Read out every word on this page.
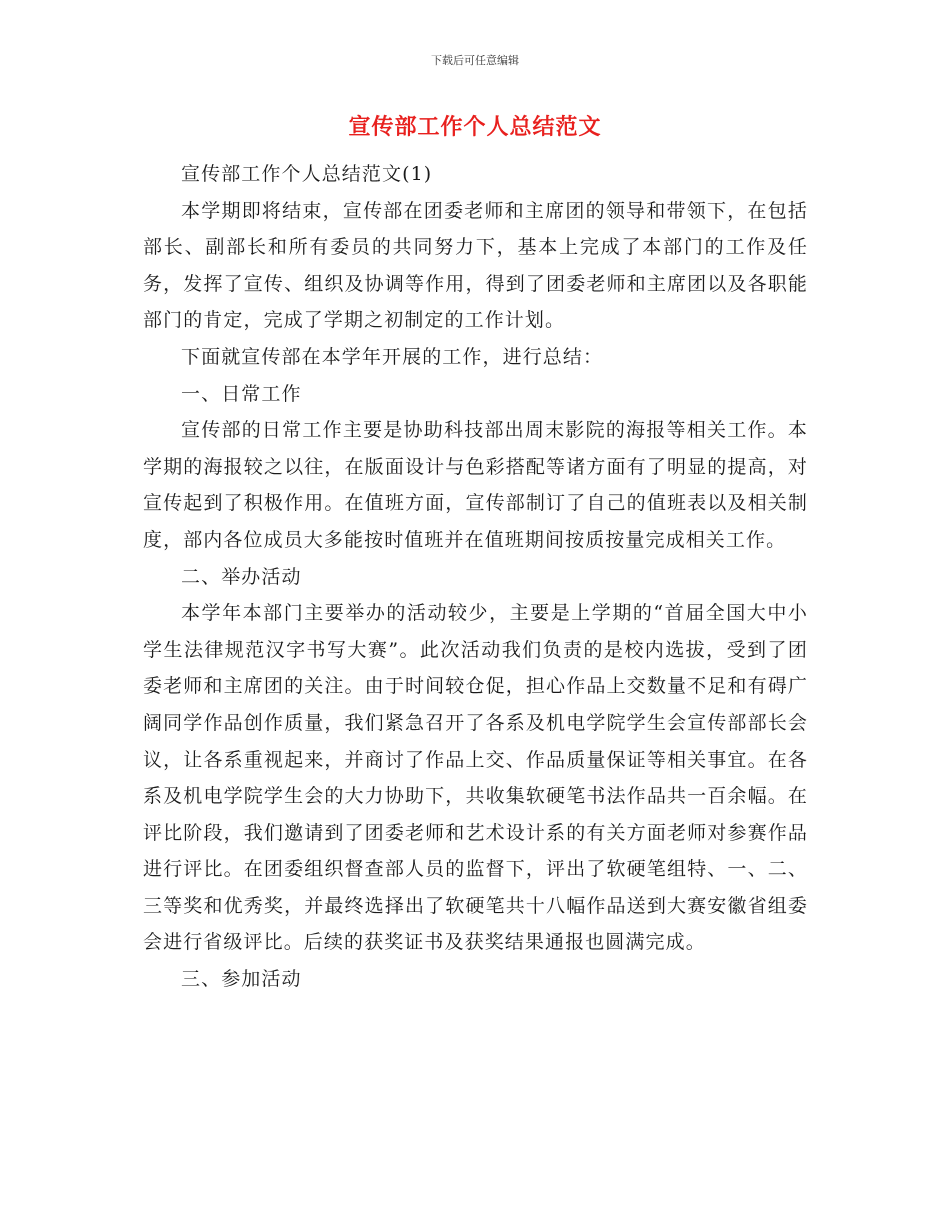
下载后可任意编辑
宣传部工作个人总结范文

宣传部工作个人总结范文(1)

本学期即将结束，宣传部在团委老师和主席团的领导和带领下，在包括部长、副部长和所有委员的共同努力下，基本上完成了本部门的工作及任务，发挥了宣传、组织及协调等作用，得到了团委老师和主席团以及各职能部门的肯定，完成了学期之初制定的工作计划。

下面就宣传部在本学年开展的工作，进行总结：

一、日常工作

宣传部的日常工作主要是协助科技部出周末影院的海报等相关工作。本学期的海报较之以往，在版面设计与色彩搭配等诸方面有了明显的提高，对宣传起到了积极作用。在值班方面，宣传部制订了自己的值班表以及相关制度，部内各位成员大多能按时值班并在值班期间按质按量完成相关工作。

二、举办活动

本学年本部门主要举办的活动较少，主要是上学期的“首届全国大中小学生法律规范汉字书写大赛”。此次活动我们负责的是校内选拔，受到了团委老师和主席团的关注。由于时间较仓促，担心作品上交数量不足和有碍广阔同学作品创作质量，我们紧急召开了各系及机电学院学生会宣传部部长会议，让各系重视起来，并商讨了作品上交、作品质量保证等相关事宜。在各系及机电学院学生会的大力协助下，共收集软硬笔书法作品共一百余幅。在评比阶段，我们邀请到了团委老师和艺术设计系的有关方面老师对参赛作品进行评比。在团委组织督查部人员的监督下，评出了软硬笔组特、一、二、三等奖和优秀奖，并最终选择出了软硬笔共十八幅作品送到大赛安徽省组委会进行省级评比。后续的获奖证书及获奖结果通报也圆满完成。

三、参加活动
